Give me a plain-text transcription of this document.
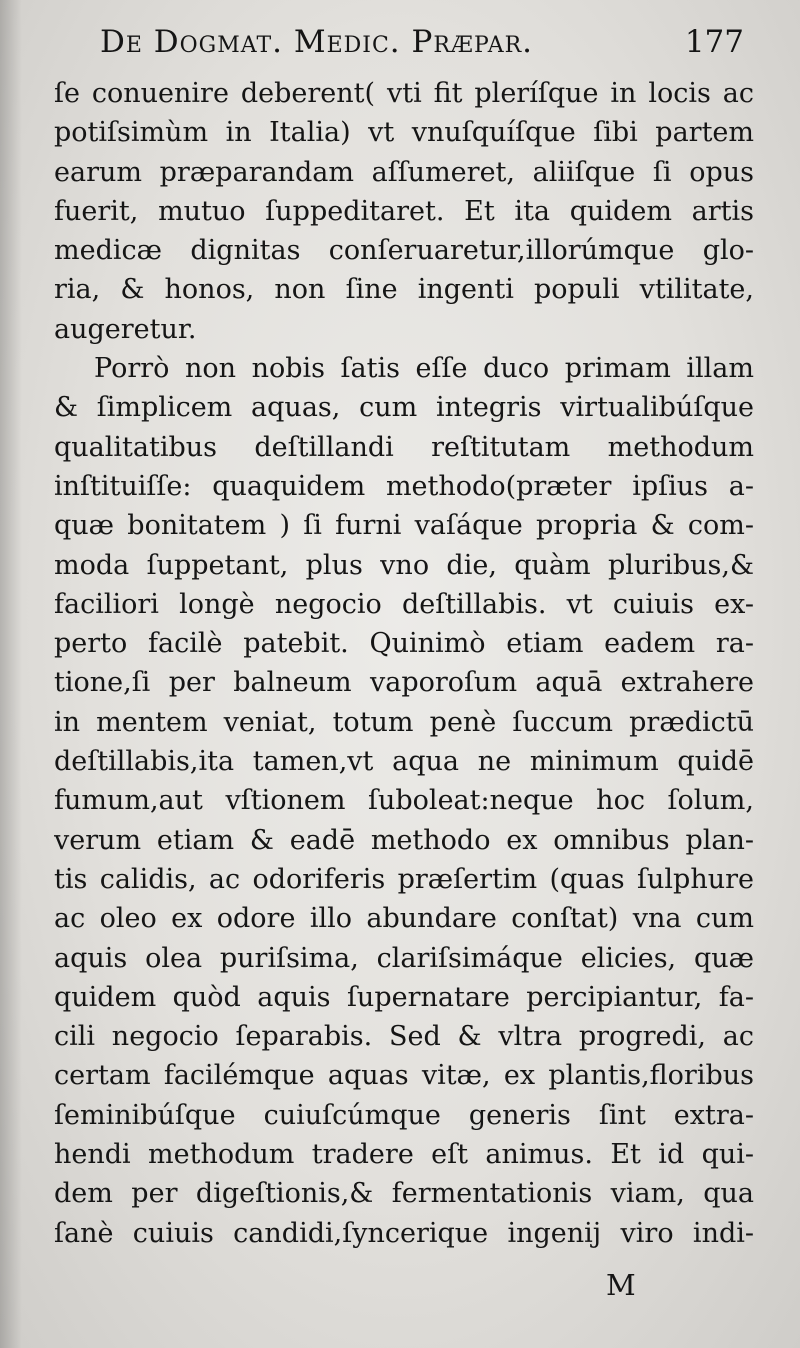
De Dogmat. Medic. Præpar.	177
ſe conuenire deberent( vti fit pleríſque in locis ac
potiſsimùm in Italia) vt vnuſquíſque ſibi partem
earum præparandam aſſumeret, aliiſque ſi opus
fuerit, mutuo ſuppeditaret. Et ita quidem artis
medicæ dignitas conſeruaretur,illorúmque glo-
ria, & honos, non ſine ingenti populi vtilitate,
augeretur.
Porrò non nobis ſatis eſſe duco primam illam
& ſimplicem aquas, cum integris virtualibúſque
qualitatibus deſtillandi reſtitutam methodum
inſtituiſſe: quaquidem methodo(præter ipſius a-
quæ bonitatem ) ſi furni vaſáque propria & com-
moda ſuppetant, plus vno die, quàm pluribus,&
faciliori longè negocio deſtillabis. vt cuiuis ex-
perto facilè patebit. Quinimò etiam eadem ra-
tione,ſi per balneum vaporoſum aquā extrahere
in mentem veniat, totum penè ſuccum prædictū
deſtillabis,ita tamen,vt aqua ne minimum quidē
fumum,aut vſtionem ſuboleat:neque hoc ſolum,
verum etiam & eadē methodo ex omnibus plan-
tis calidis, ac odoriferis præſertim (quas ſulphure
ac oleo ex odore illo abundare conſtat) vna cum
aquis olea puriſsima, clariſsimáque elicies, quæ
quidem quòd aquis ſupernatare percipiantur, fa-
cili negocio ſeparabis. Sed & vltra progredi, ac
certam facilémque aquas vitæ, ex plantis,floribus
ſeminibúſque cuiuſcúmque generis ſint extra-
hendi methodum tradere eſt animus. Et id qui-
dem per digeſtionis,& fermentationis viam, qua
ſanè cuiuis candidi,ſyncerique ingenij viro indi-
M
